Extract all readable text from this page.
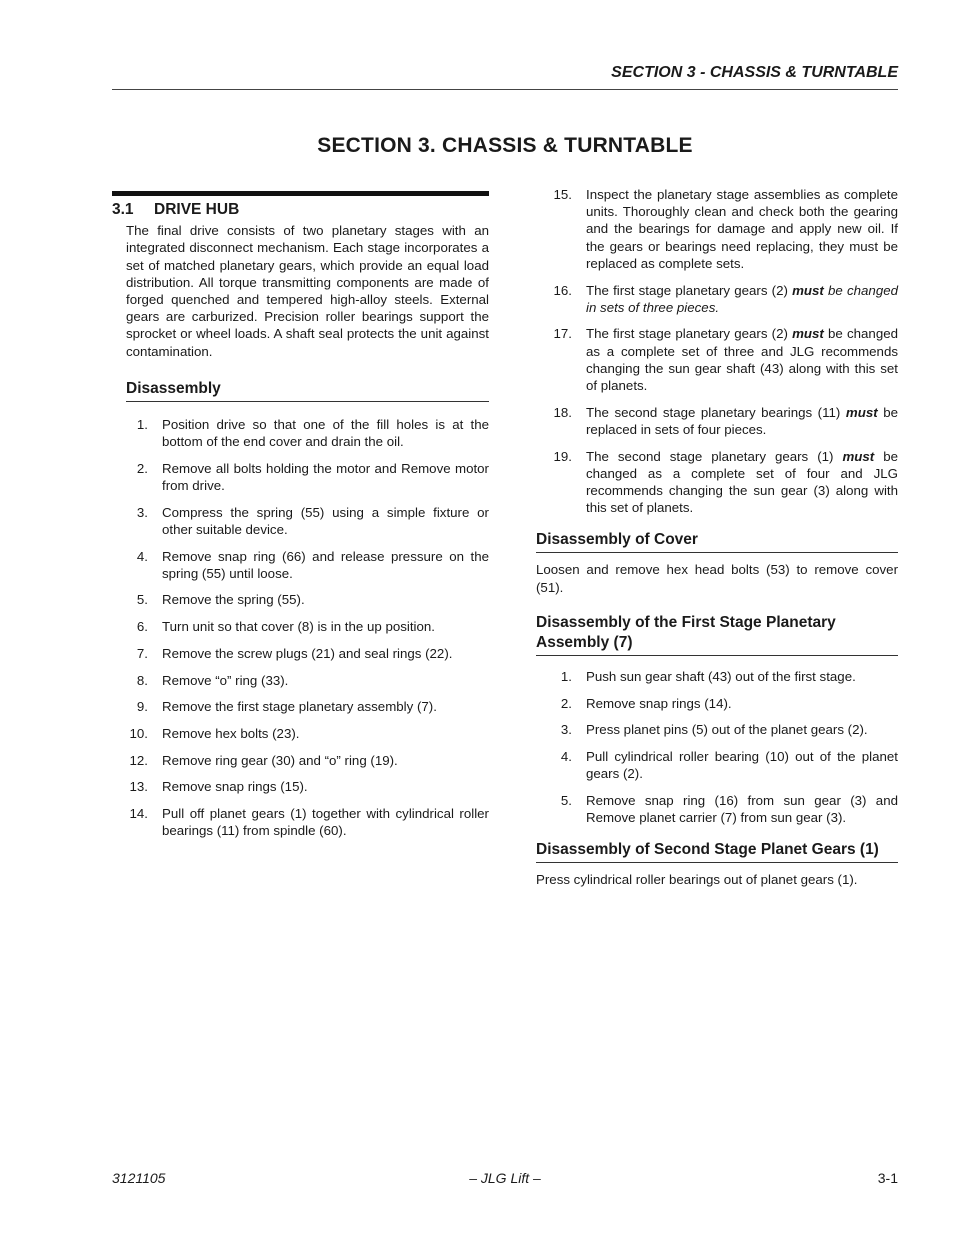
SECTION 3 - CHASSIS & TURNTABLE
SECTION 3. CHASSIS & TURNTABLE
3.1 DRIVE HUB

The final drive consists of two planetary stages with an integrated disconnect mechanism. Each stage incorporates a set of matched planetary gears, which provide an equal load distribution. All torque transmitting components are made of forged quenched and tempered high-alloy steels. External gears are carburized. Precision roller bearings support the sprocket or wheel loads. A shaft seal protects the unit against contamination.

Disassembly
1.	Position drive so that one of the fill holes is at the bottom of the end cover and drain the oil.
2.	Remove all bolts holding the motor and Remove motor from drive.
3.	Compress the spring (55) using a simple fixture or other suitable device.
4.	Remove snap ring (66) and release pressure on the spring (55) until loose.
5.	Remove the spring (55).
6.	Turn unit so that cover (8) is in the up position.
7.	Remove the screw plugs (21) and seal rings (22).
8.	Remove “o” ring (33).
9.	Remove the first stage planetary assembly (7).
10.	Remove hex bolts (23).
12.	Remove ring gear (30) and “o” ring (19).
13.	Remove snap rings (15).
14.	Pull off planet gears (1) together with cylindrical roller bearings (11) from spindle (60).
15.	Inspect the planetary stage assemblies as complete units. Thoroughly clean and check both the gearing and the bearings for damage and apply new oil. If the gears or bearings need replacing, they must be replaced as complete sets.
16.	The first stage planetary gears (2) must be changed in sets of three pieces.
17.	The first stage planetary gears (2) must be changed as a complete set of three and JLG recommends changing the sun gear shaft (43) along with this set of planets.
18.	The second stage planetary bearings (11) must be replaced in sets of four pieces.
19.	The second stage planetary gears (1) must be changed as a complete set of four and JLG recommends changing the sun gear (3) along with this set of planets.
Disassembly of Cover

Loosen and remove hex head bolts (53) to remove cover (51).

Disassembly of the First Stage Planetary Assembly (7)
1.	Push sun gear shaft (43) out of the first stage.
2.	Remove snap rings (14).
3.	Press planet pins (5) out of the planet gears (2).
4.	Pull cylindrical roller bearing (10) out of the planet gears (2).
5.	Remove snap ring (16) from sun gear (3) and Remove planet carrier (7) from sun gear (3).
Disassembly of Second Stage Planet Gears (1)

Press cylindrical roller bearings out of planet gears (1).

3121105	– JLG Lift –	3-1
